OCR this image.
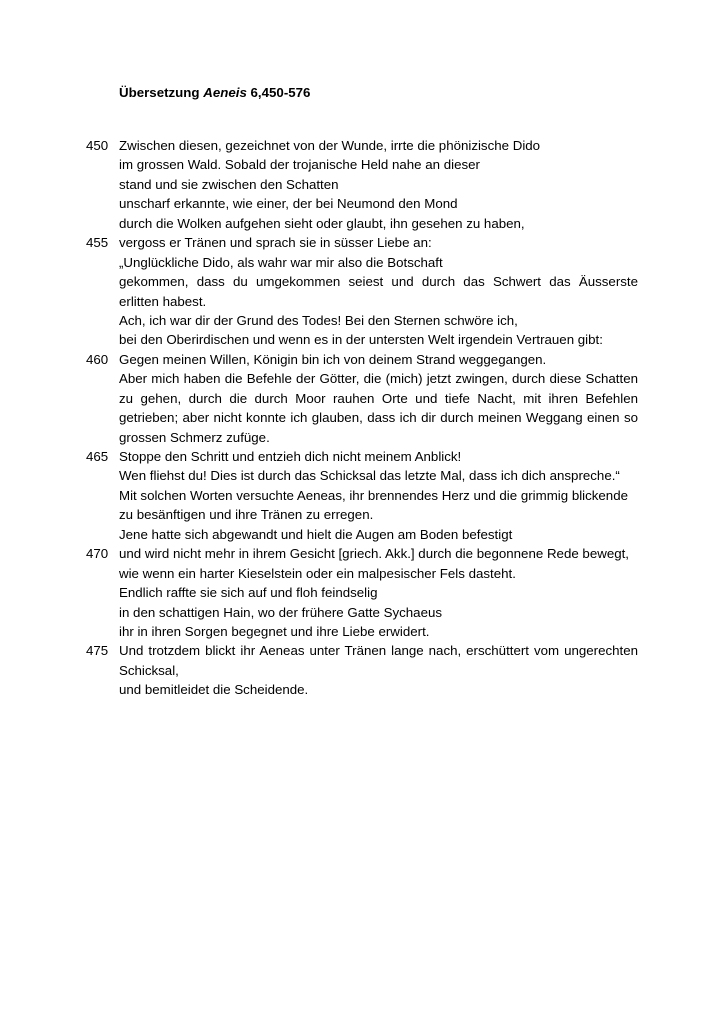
Übersetzung Aeneis 6,450-576
450 Zwischen diesen, gezeichnet von der Wunde, irrte die phönizische Dido
im grossen Wald. Sobald der trojanische Held nahe an dieser
stand und sie zwischen den Schatten
unscharf erkannte, wie einer, der bei Neumond den Mond
durch die Wolken aufgehen sieht oder glaubt, ihn gesehen zu haben,
455 vergoss er Tränen und sprach sie in süsser Liebe an:
„Unglückliche Dido, als wahr war mir also die Botschaft
gekommen, dass du umgekommen seiest und durch das Schwert das Äusserste
erlitten habest.
Ach, ich war dir der Grund des Todes! Bei den Sternen schwöre ich,
bei den Oberirdischen und wenn es in der untersten Welt irgendein Vertrauen gibt:
460 Gegen meinen Willen, Königin bin ich von deinem Strand weggegangen.
Aber mich haben die Befehle der Götter, die (mich) jetzt zwingen, durch diese Schatten
zu gehen, durch die durch Moor rauhen Orte und tiefe Nacht, mit ihren Befehlen
getrieben; aber nicht konnte ich glauben, dass ich dir durch meinen Weggang einen so
grossen Schmerz zufüge.
465 Stoppe den Schritt und entzieh dich nicht meinem Anblick!
Wen fliehst du! Dies ist durch das Schicksal das letzte Mal, dass ich dich anspreche.“
Mit solchen Worten versuchte Aeneas, ihr brennendes Herz und die grimmig blickende
zu besänftigen und ihre Tränen zu erregen.
Jene hatte sich abgewandt und hielt die Augen am Boden befestigt
470 und wird nicht mehr in ihrem Gesicht [griech. Akk.] durch die begonnene Rede bewegt,
wie wenn ein harter Kieselstein oder ein malpesischer Fels dasteht.
Endlich raffte sie sich auf und floh feindselig
in den schattigen Hain, wo der frühere Gatte Sychaeus
ihr in ihren Sorgen begegnet und ihre Liebe erwidert.
475 Und trotzdem blickt ihr Aeneas unter Tränen lange nach, erschüttert vom ungerechten
Schicksal,
und bemitleidet die Scheidende.
